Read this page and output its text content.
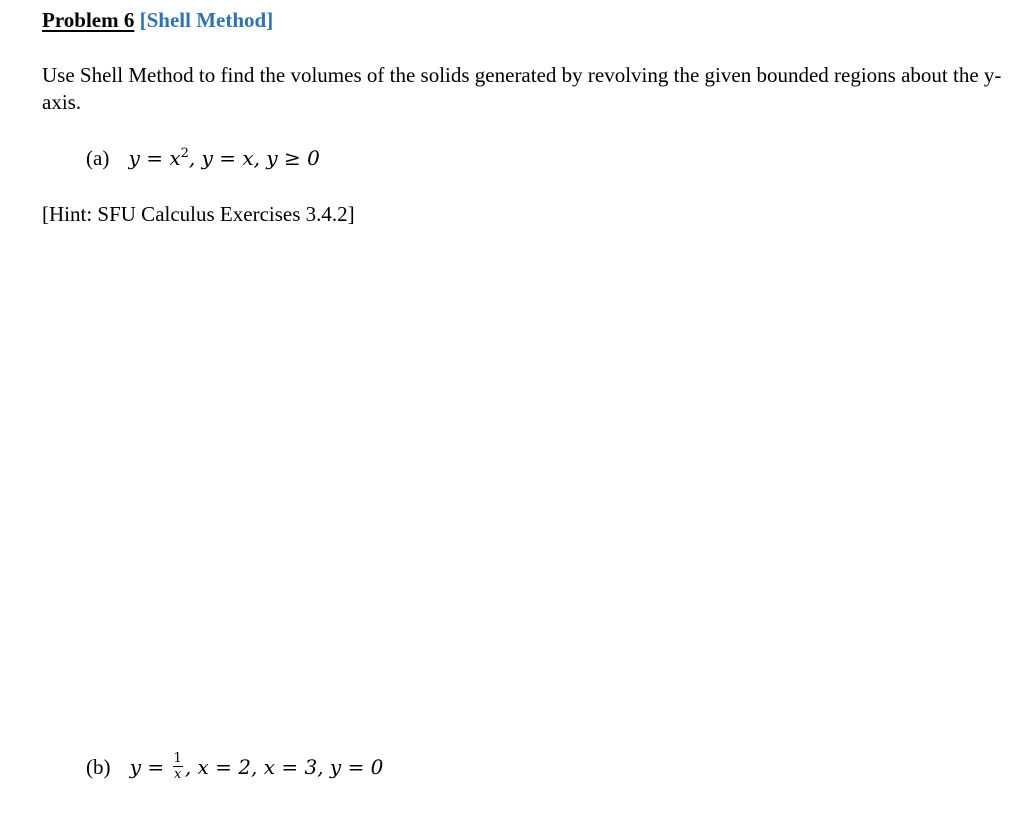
Problem 6 [Shell Method]
Use Shell Method to find the volumes of the solids generated by revolving the given bounded regions about the y-axis.
(a) $y = x^2$, y = x, y ≥ 0
[Hint: SFU Calculus Exercises 3.4.2]
(b) $y = \frac{1}{x}$ , x = 2, x = 3, y = 0
